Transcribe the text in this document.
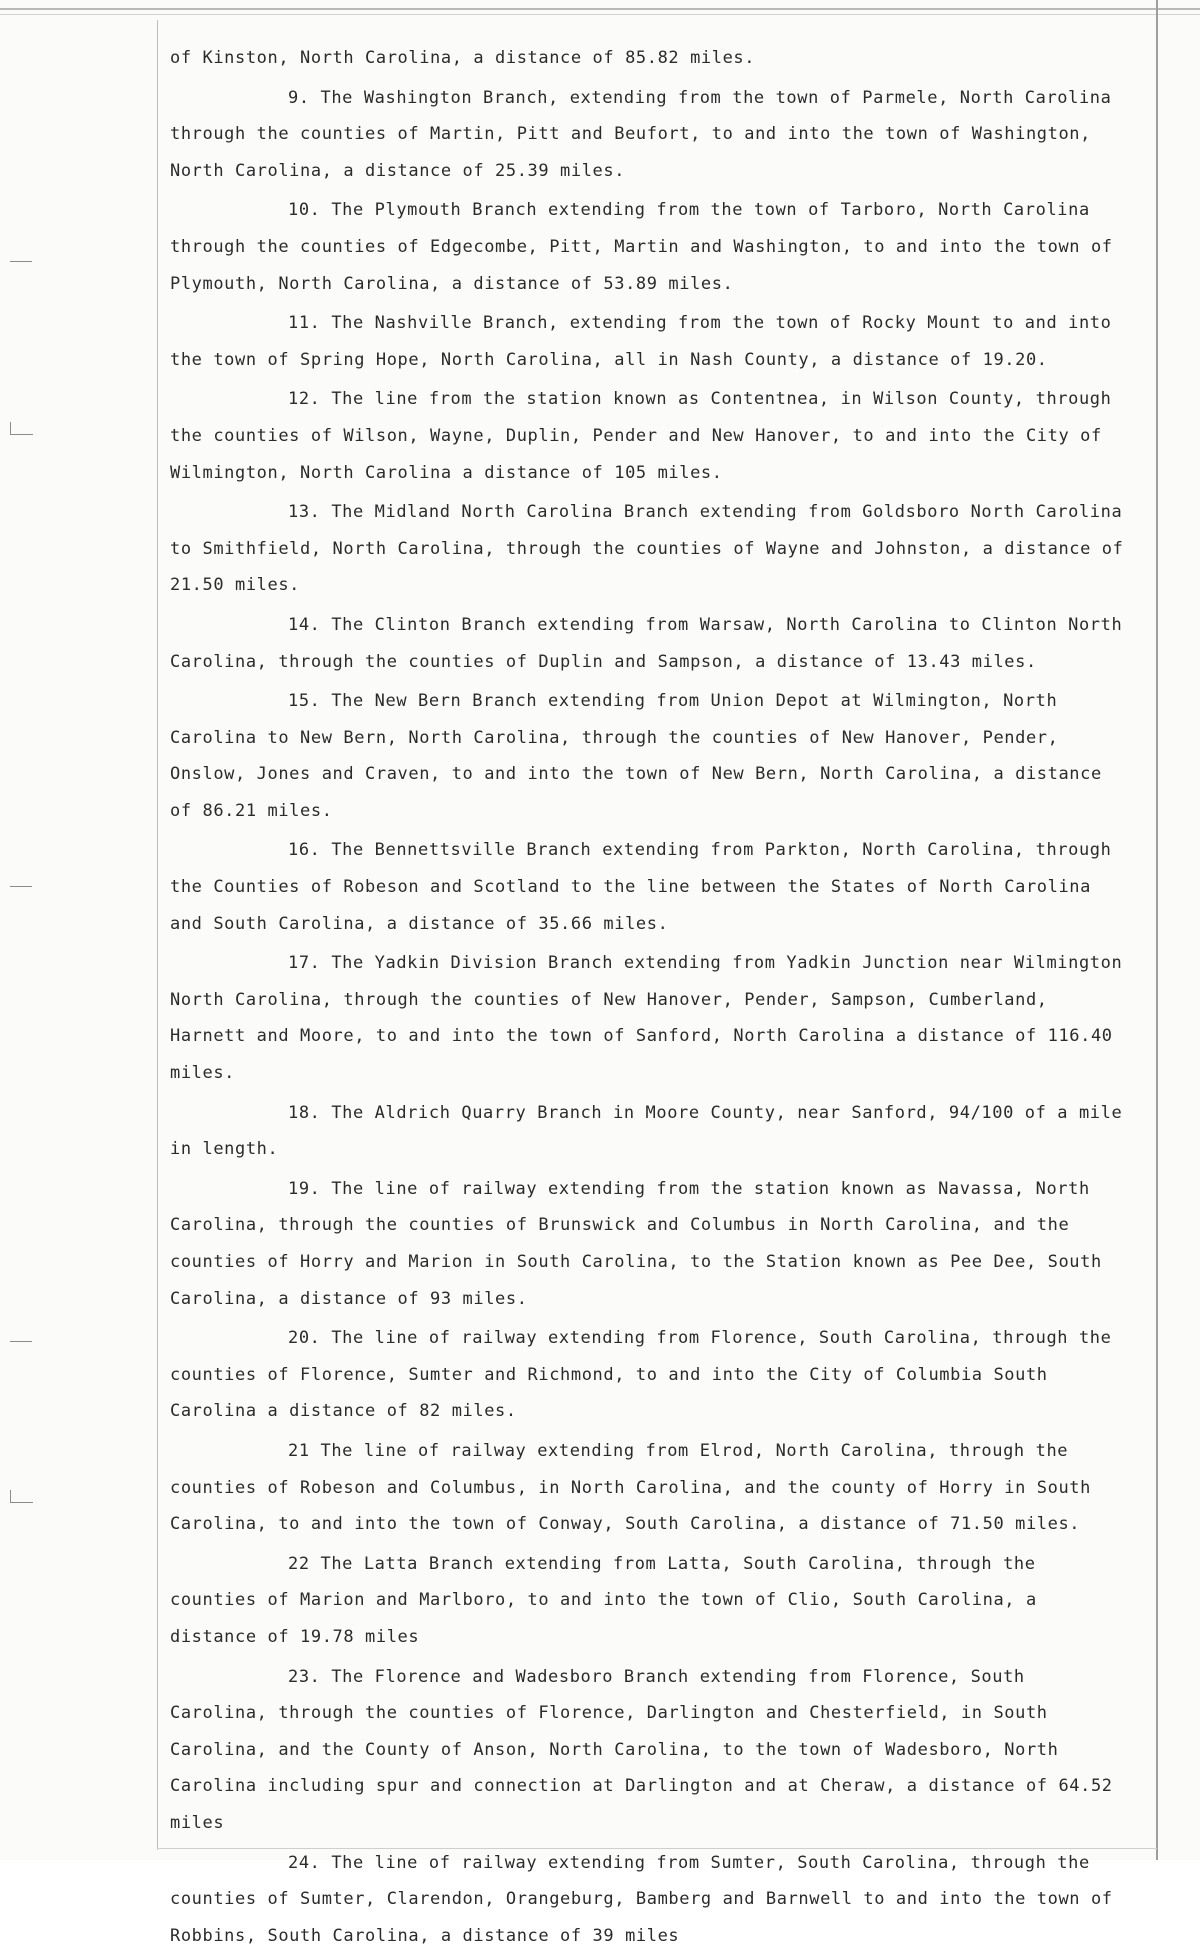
of Kinston, North Carolina, a distance of 85.82 miles.

9. The Washington Branch, extending from the town of Parmele, North Carolina through the counties of Martin, Pitt and Beufort, to and into the town of Washington, North Carolina, a distance of 25.39 miles.

10. The Plymouth Branch extending from the town of Tarboro, North Carolina through the counties of Edgecombe, Pitt, Martin and Washington, to and into the town of Plymouth, North Carolina, a distance of 53.89 miles.

11. The Nashville Branch, extending from the town of Rocky Mount to and into the town of Spring Hope, North Carolina, all in Nash County, a distance of 19.20.

12. The line from the station known as Contentnea, in Wilson County, through the counties of Wilson, Wayne, Duplin, Pender and New Hanover, to and into the City of Wilmington, North Carolina a distance of 105 miles.

13. The Midland North Carolina Branch extending from Goldsboro North Carolina to Smithfield, North Carolina, through the counties of Wayne and Johnston, a distance of 21.50 miles.

14. The Clinton Branch extending from Warsaw, North Carolina to Clinton North Carolina, through the counties of Duplin and Sampson, a distance of 13.43 miles.

15. The New Bern Branch extending from Union Depot at Wilmington, North Carolina to New Bern, North Carolina, through the counties of New Hanover, Pender, Onslow, Jones and Craven, to and into the town of New Bern, North Carolina, a distance of 86.21 miles.

16. The Bennettsville Branch extending from Parkton, North Carolina, through the Counties of Robeson and Scotland to the line between the States of North Carolina and South Carolina, a distance of 35.66 miles.

17. The Yadkin Division Branch extending from Yadkin Junction near Wilmington North Carolina, through the counties of New Hanover, Pender, Sampson, Cumberland, Harnett and Moore, to and into the town of Sanford, North Carolina a distance of 116.40 miles.

18. The Aldrich Quarry Branch in Moore County, near Sanford, 94/100 of a mile in length.

19. The line of railway extending from the station known as Navassa, North Carolina, through the counties of Brunswick and Columbus in North Carolina, and the counties of Horry and Marion in South Carolina, to the Station known as Pee Dee, South Carolina, a distance of 93 miles.

20. The line of railway extending from Florence, South Carolina, through the counties of Florence, Sumter and Richmond, to and into the City of Columbia South Carolina a distance of 82 miles.

21 The line of railway extending from Elrod, North Carolina, through the counties of Robeson and Columbus, in North Carolina, and the county of Horry in South Carolina, to and into the town of Conway, South Carolina, a distance of 71.50 miles.

22 The Latta Branch extending from Latta, South Carolina, through the counties of Marion and Marlboro, to and into the town of Clio, South Carolina, a distance of 19.78 miles

23. The Florence and Wadesboro Branch extending from Florence, South Carolina, through the counties of Florence, Darlington and Chesterfield, in South Carolina, and the County of Anson, North Carolina, to the town of Wadesboro, North Carolina including spur and connection at Darlington and at Cheraw, a distance of 64.52 miles

24. The line of railway extending from Sumter, South Carolina, through the counties of Sumter, Clarendon, Orangeburg, Bamberg and Barnwell to and into the town of Robbins, South Carolina, a distance of 39 miles
